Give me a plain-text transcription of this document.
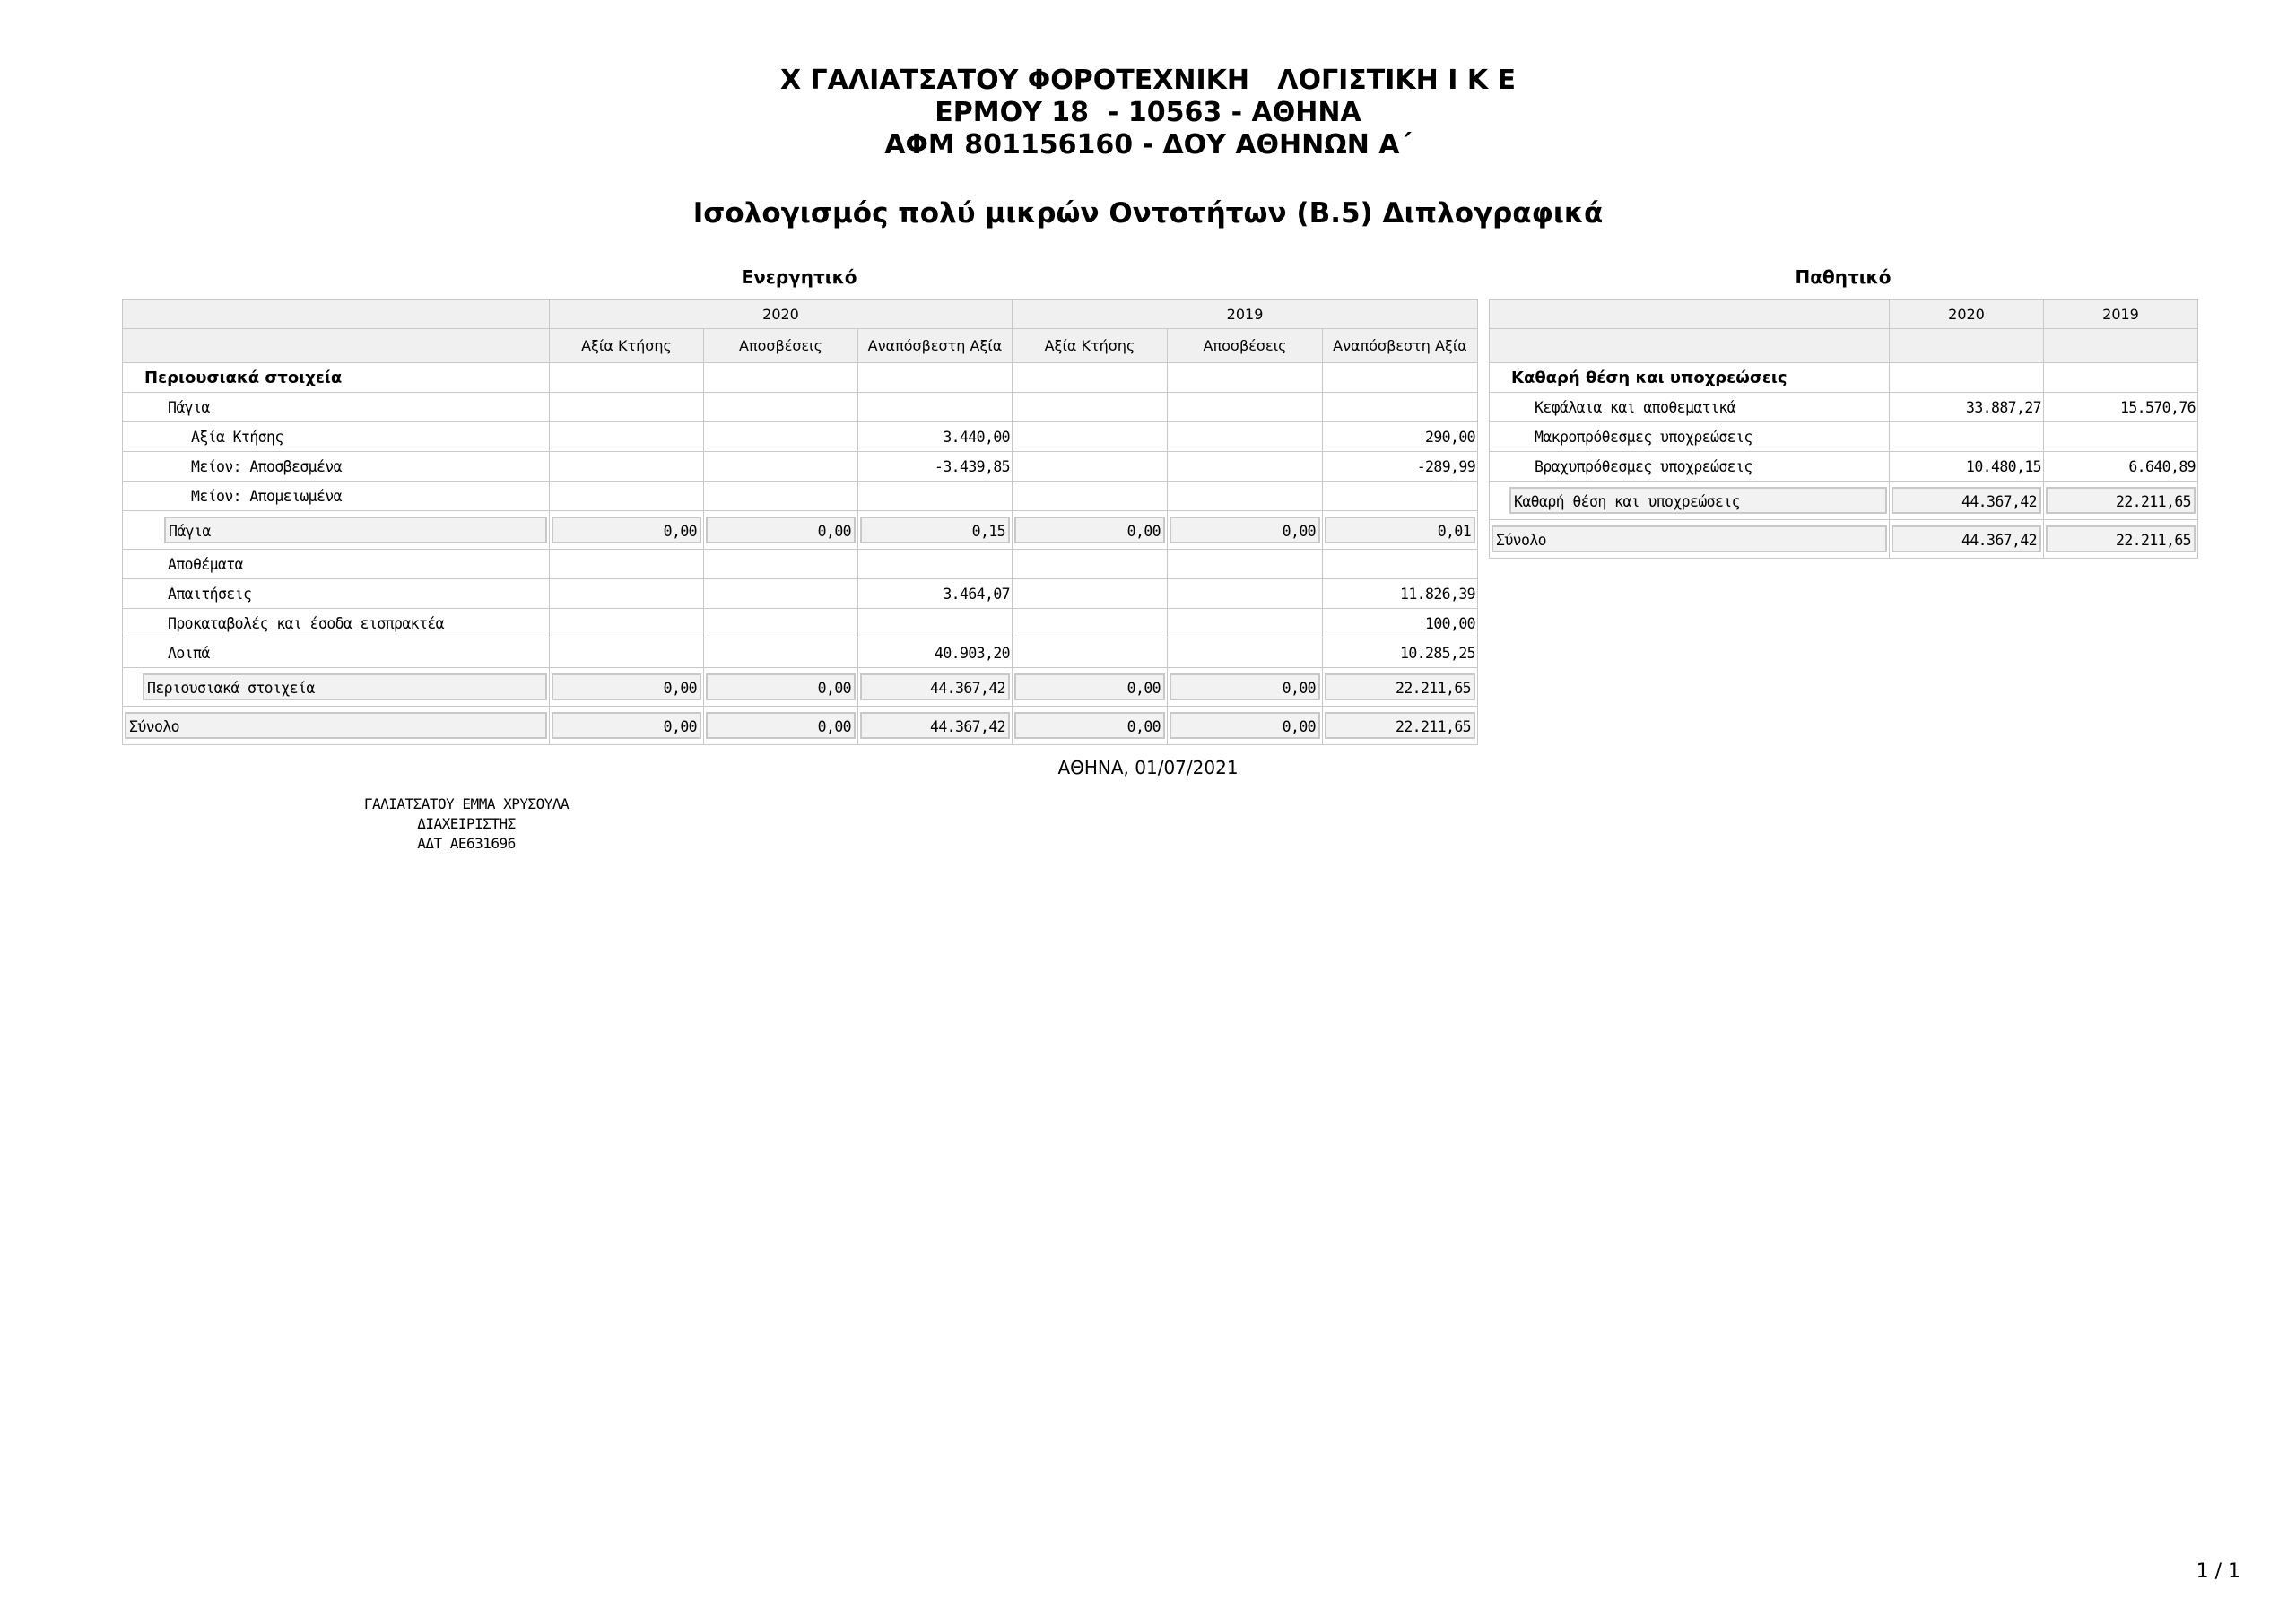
Χ ΓΑΛΙΑΤΣΑΤΟΥ ΦΟΡΟΤΕΧΝΙΚΗ   ΛΟΓΙΣΤΙΚΗ Ι Κ Ε
ΕΡΜΟΥ 18  - 10563 - ΑΘΗΝΑ
ΑΦΜ 801156160 - ΔΟΥ ΑΘΗΝΩΝ Α΄
Ισολογισμός πολύ μικρών Οντοτήτων (Β.5) Διπλογραφικά
Ενεργητικό	Παθητικό
	2020			2019		
	Αξία Κτήσης	Αποσβέσεις	Αναπόσβεστη Αξία	Αξία Κτήσης	Αποσβέσεις	Αναπόσβεστη Αξία
Περιουσιακά στοιχεία						
Πάγια						
Αξία Κτήσης			3.440,00			290,00
Μείον: Αποσβεσμένα			-3.439,85			-289,99
Μείον: Απομειωμένα						

Πάγια	0,00	0,00	0,15	0,00	0,00	0,01

Αποθέματα						
Απαιτήσεις			3.464,07			11.826,39
Προκαταβολές και έσοδα εισπρακτέα						100,00
Λοιπά			40.903,20			10.285,25

Περιουσιακά στοιχεία	0,00	0,00	44.367,42	0,00	0,00	22.211,65

Σύνολο	0,00	0,00	44.367,42	0,00	0,00	22.211,65
	2020	2019

Καθαρή θέση και υποχρεώσεις		
Κεφάλαια και αποθεματικά	33.887,27	15.570,76
Μακροπρόθεσμες υποχρεώσεις		
Βραχυπρόθεσμες υποχρεώσεις	10.480,15	6.640,89

Καθαρή θέση και υποχρεώσεις	44.367,42	22.211,65

Σύνολο	44.367,42	22.211,65
ΑΘΗΝΑ, 01/07/2021
ΓΑΛΙΑΤΣΑΤΟΥ ΕΜΜΑ ΧΡΥΣΟΥΛΑ
ΔΙΑΧΕΙΡΙΣΤΗΣ
ΑΔΤ ΑΕ631696
1 / 1
